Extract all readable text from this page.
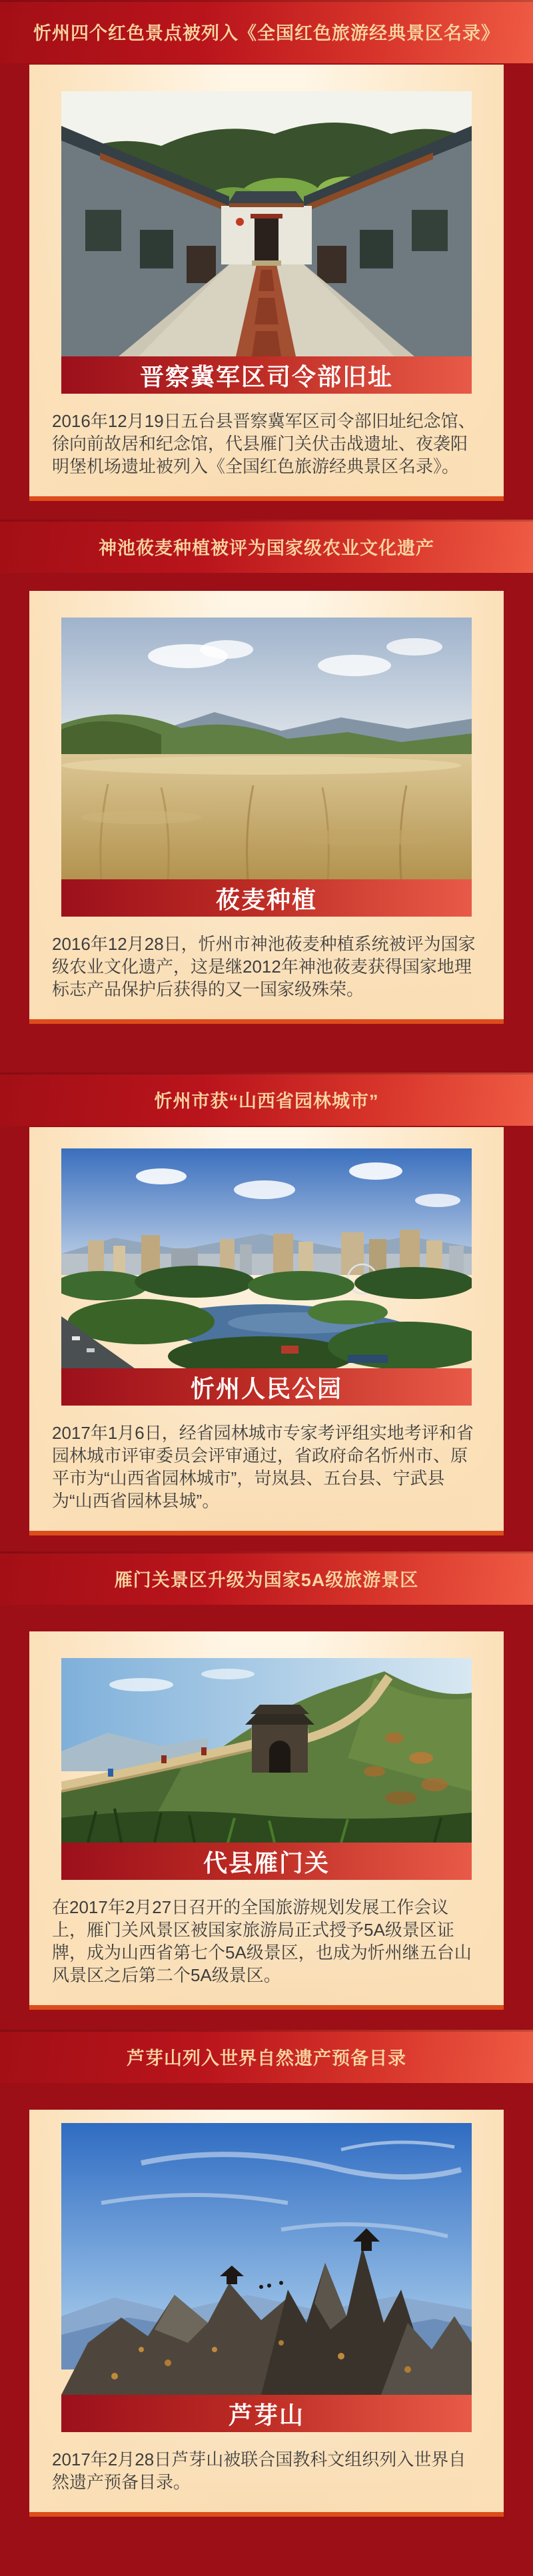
忻州四个红色景点被列入《全国红色旅游经典景区名录》
晋察冀军区司令部旧址

2016年12月19日五台县晋察冀军区司令部旧址纪念馆、徐向前故居和纪念馆，代县雁门关伏击战遗址、夜袭阳明堡机场遗址被列入《全国红色旅游经典景区名录》。

神池莜麦种植被评为国家级农业文化遗产
莜麦种植

2016年12月28日，忻州市神池莜麦种植系统被评为国家级农业文化遗产，这是继2012年神池莜麦获得国家地理标志产品保护后获得的又一国家级殊荣。

忻州市获“山西省园林城市”
忻州人民公园

2017年1月6日，经省园林城市专家考评组实地考评和省园林城市评审委员会评审通过，省政府命名忻州市、原平市为“山西省园林城市”，岢岚县、五台县、宁武县为“山西省园林县城”。

雁门关景区升级为国家5A级旅游景区
代县雁门关

在2017年2月27日召开的全国旅游规划发展工作会议上，雁门关风景区被国家旅游局正式授予5A级景区证牌，成为山西省第七个5A级景区，也成为忻州继五台山风景区之后第二个5A级景区。

芦芽山列入世界自然遗产预备目录
芦芽山

2017年2月28日芦芽山被联合国教科文组织列入世界自然遗产预备目录。
